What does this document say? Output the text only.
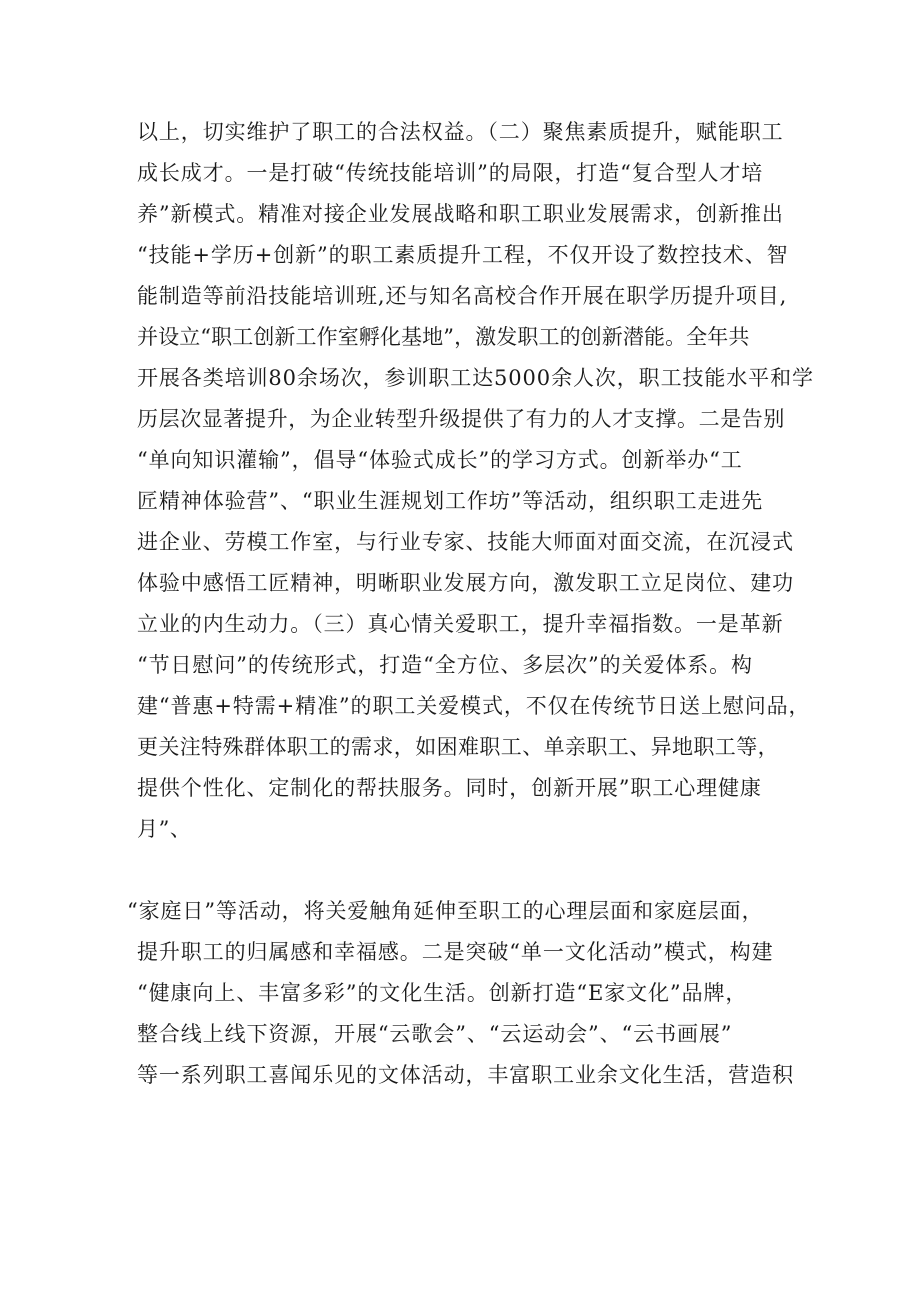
以上，切实维护了职工的合法权益。（二）聚焦素质提升，赋能职工
成长成才。一是打破“传统技能培训”的局限，打造“复合型人才培
养”新模式。精准对接企业发展战略和职工职业发展需求，创新推出
“技能+学历+创新”的职工素质提升工程，不仅开设了数控技术、智
能制造等前沿技能培训班,还与知名高校合作开展在职学历提升项目,
并设立“职工创新工作室孵化基地”，激发职工的创新潜能。全年共
开展各类培训80余场次，参训职工达5000余人次，职工技能水平和学
历层次显著提升，为企业转型升级提供了有力的人才支撑。二是告别
“单向知识灌输”，倡导“体验式成长”的学习方式。创新举办“工
匠精神体验营”、“职业生涯规划工作坊”等活动，组织职工走进先
进企业、劳模工作室，与行业专家、技能大师面对面交流，在沉浸式
体验中感悟工匠精神，明晰职业发展方向，激发职工立足岗位、建功
立业的内生动力。（三）真心情关爱职工，提升幸福指数。一是革新
“节日慰问”的传统形式，打造“全方位、多层次”的关爱体系。构
建“普惠+特需+精准”的职工关爱模式，不仅在传统节日送上慰问品，
更关注特殊群体职工的需求，如困难职工、单亲职工、异地职工等，
提供个性化、定制化的帮扶服务。同时，创新开展”职工心理健康
月”、
“家庭日”等活动，将关爱触角延伸至职工的心理层面和家庭层面，
提升职工的归属感和幸福感。二是突破“单一文化活动”模式，构建
“健康向上、丰富多彩”的文化生活。创新打造“E家文化”品牌，
整合线上线下资源，开展“云歌会”、“云运动会”、“云书画展”
等一系列职工喜闻乐见的文体活动，丰富职工业余文化生活，营造积
